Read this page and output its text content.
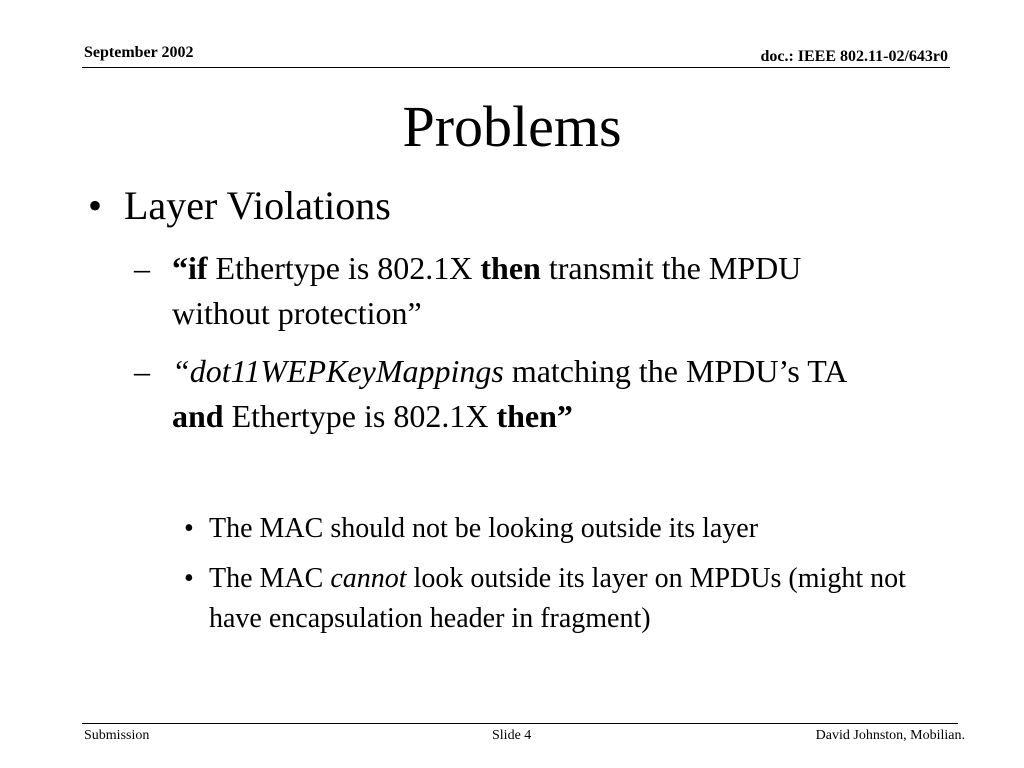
September 2002	doc.: IEEE 802.11-02/643r0
Problems
• Layer Violations
– “if Ethertype is 802.1X then transmit the MPDU without protection”
– “dot11WEPKeyMappings matching the MPDU’s TA and Ethertype is 802.1X then”
• The MAC should not be looking outside its layer
• The MAC cannot look outside its layer on MPDUs (might not have encapsulation header in fragment)
Submission	Slide 4	David Johnston, Mobilian.
